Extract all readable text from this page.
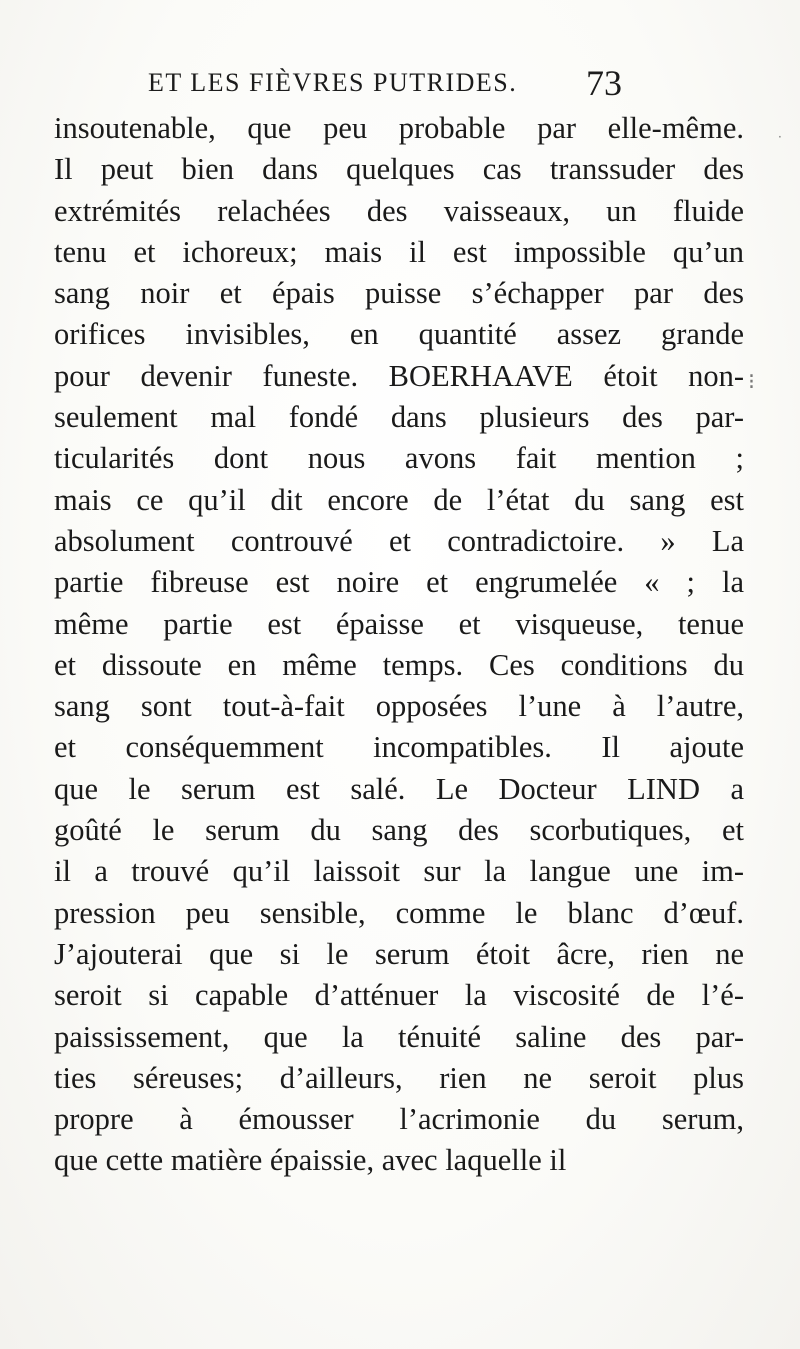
ET LES FIÈVRES PUTRIDES. 73
insoutenable, que peu probable par elle-même.
Il peut bien dans quelques cas transsuder des
extrémités relachées des vaisseaux, un fluide
tenu et ichoreux; mais il est impossible qu’un
sang noir et épais puisse s’échapper par des
orifices invisibles, en quantité assez grande
pour devenir funeste. BOERHAAVE étoit non-
seulement mal fondé dans plusieurs des par-
ticularités dont nous avons fait mention ;
mais ce qu’il dit encore de l’état du sang est
absolument controuvé et contradictoire. » La
partie fibreuse est noire et engrumelée « ; la
même partie est épaisse et visqueuse, tenue
et dissoute en même temps. Ces conditions du
sang sont tout-à-fait opposées l’une à l’autre,
et conséquemment incompatibles. Il ajoute
que le serum est salé. Le Docteur LIND a
goûté le serum du sang des scorbutiques, et
il a trouvé qu’il laissoit sur la langue une im-
pression peu sensible, comme le blanc d’œuf.
J’ajouterai que si le serum étoit âcre, rien ne
seroit si capable d’atténuer la viscosité de l’é-
paississement, que la ténuité saline des par-
ties séreuses; d’ailleurs, rien ne seroit plus
propre à émousser l’acrimonie du serum,
que cette matière épaissie, avec laquelle il
⁝
·
